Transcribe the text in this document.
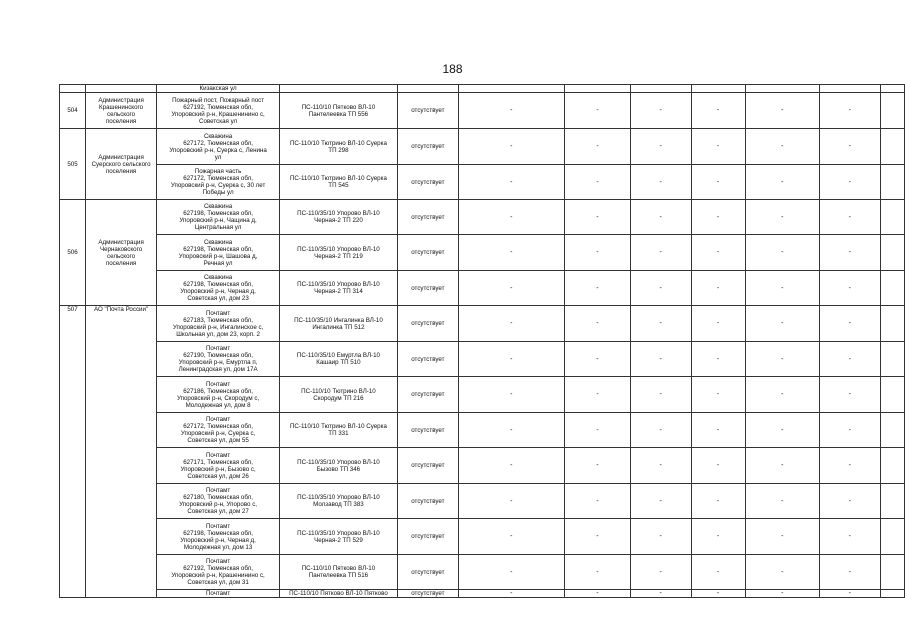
188
		Кизакская ул									
504	Администрация
Крашенинского
сельского
поселения	Пожарный пост, Пожарный пост
627192, Тюменская обл,
Упоровский р-н, Крашенинино с,
Советская ул	ПС-110/10 Пятково ВЛ-10
Пантелеевка ТП 556	отсутствует	-	-	-	-	-	-	
505	Администрация
Суерского сельского
поселения	Скважина
627172, Тюменская обл,
Упоровский р-н, Суерка с, Ленина
ул	ПС-110/10 Тютрино ВЛ-10 Суерка
ТП 298	отсутствует	-	-	-	-	-	-	
		Пожарная часть
627172, Тюменская обл,
Упоровский р-н, Суерка с, 30 лет
Победы ул	ПС-110/10 Тютрино ВЛ-10 Суерка
ТП 545	отсутствует	-	-	-	-	-	-	
506	Администрация
Чернаковского
сельского
поселения	Скважина
627198, Тюменская обл,
Упоровский р-н, Чащина д,
Центральная ул	ПС-110/35/10 Упорово ВЛ-10
Черная-2 ТП 220	отсутствует	-	-	-	-	-	-	
		Скважина
627198, Тюменская обл,
Упоровский р-н, Шашова д,
Речная ул	ПС-110/35/10 Упорово ВЛ-10
Черная-2 ТП 219	отсутствует	-	-	-	-	-	-	
		Скважина
627198, Тюменская обл,
Упоровский р-н, Черная д,
Советская ул, дом 23	ПС-110/35/10 Упорово ВЛ-10
Черная-2 ТП 314	отсутствует	-	-	-	-	-	-	
507	АО "Почта России"	Почтамт
627183, Тюменская обл,
Упоровский р-н, Ингалинское с,
Школьная ул, дом 23, корп. 2	ПС-110/35/10 Ингалинка ВЛ-10
Ингалинка ТП 512	отсутствует	-	-	-	-	-	-	
		Почтамт
627190, Тюменская обл,
Упоровский р-н, Емуртла п,
Ленинградская ул, дом 17А	ПС-110/35/10 Емуртла ВЛ-10
Кашаир ТП 510	отсутствует	-	-	-	-	-	-	
		Почтамт
627186, Тюменская обл,
Упоровский р-н, Скородум с,
Молодежная ул, дом 8	ПС-110/10 Тютрино ВЛ-10
Скородум ТП 216	отсутствует	-	-	-	-	-	-	
		Почтамт
627172, Тюменская обл,
Упоровский р-н, Суерка с,
Советская ул, дом 55	ПС-110/10 Тютрино ВЛ-10 Суерка
ТП 331	отсутствует	-	-	-	-	-	-	
		Почтамт
627171, Тюменская обл,
Упоровский р-н, Бызово с,
Советская ул, дом 26	ПС-110/35/10 Упорово ВЛ-10
Бызово ТП 346	отсутствует	-	-	-	-	-	-	
		Почтамт
627180, Тюменская обл,
Упоровский р-н, Упорово с,
Советская ул, дом 27	ПС-110/35/10 Упорово ВЛ-10
Молзавод ТП 383	отсутствует	-	-	-	-	-	-	
		Почтамт
627198, Тюменская обл,
Упоровский р-н, Черная д,
Молодежная ул, дом 13	ПС-110/35/10 Упорово ВЛ-10
Черная-2 ТП 529	отсутствует	-	-	-	-	-	-	
		Почтамт
627192, Тюменская обл,
Упоровский р-н, Крашенинино с,
Советская ул, дом 31	ПС-110/10 Пятково ВЛ-10
Пантелеевка ТП 516	отсутствует	-	-	-	-	-	-	
		Почтамт	ПС-110/10 Пятково ВЛ-10 Пятково	отсутствует	-	-	-	-	-	-	
